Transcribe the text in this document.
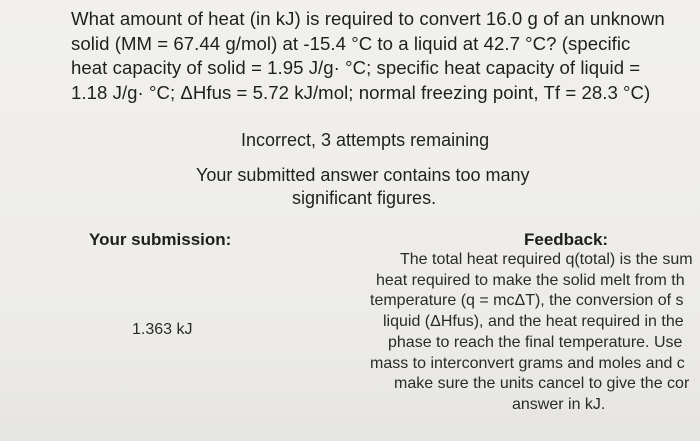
What amount of heat (in kJ) is required to convert 16.0 g of an unknown
solid (MM = 67.44 g/mol) at -15.4 °C to a liquid at 42.7 °C? (specific
heat capacity of solid = 1.95 J/g· °C; specific heat capacity of liquid =
1.18 J/g· °C; ΔHfus = 5.72 kJ/mol; normal freezing point, Tf = 28.3 °C)
Incorrect, 3 attempts remaining
Your submitted answer contains too many
significant figures.
Your submission:
1.363 kJ
Feedback:
The total heat required q(total) is the sum
heat required to make the solid melt from th
temperature (q = mcΔT), the conversion of s
liquid (ΔHfus), and the heat required in the
phase to reach the final temperature. Use
mass to interconvert grams and moles and c
make sure the units cancel to give the cor
answer in kJ.
